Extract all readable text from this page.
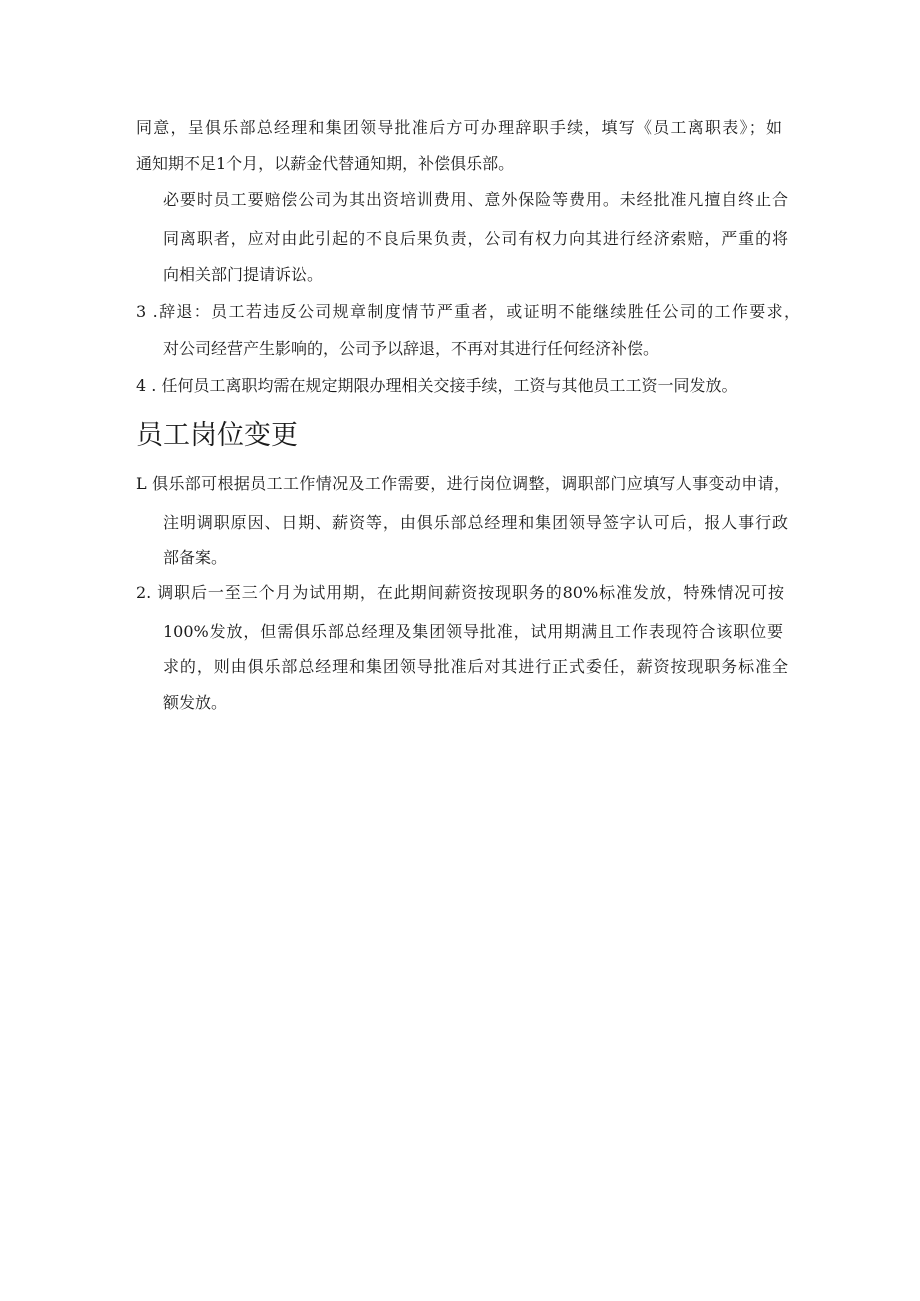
同意，呈俱乐部总经理和集团领导批准后方可办理辞职手续，填写《员工离职表》；如
通知期不足1个月，以薪金代替通知期，补偿俱乐部。
必要时员工要赔偿公司为其出资培训费用、意外保险等费用。未经批准凡擅自终止合
同离职者，应对由此引起的不良后果负责，公司有权力向其进行经济索赔，严重的将
向相关部门提请诉讼。
3 .辞退：员工若违反公司规章制度情节严重者，或证明不能继续胜任公司的工作要求，
对公司经营产生影响的，公司予以辞退，不再对其进行任何经济补偿。
4 . 任何员工离职均需在规定期限办理相关交接手续，工资与其他员工工资一同发放。
员工岗位变更
L 俱乐部可根据员工工作情况及工作需要，进行岗位调整，调职部门应填写人事变动申请，
注明调职原因、日期、薪资等，由俱乐部总经理和集团领导签字认可后，报人事行政
部备案。
2. 调职后一至三个月为试用期，在此期间薪资按现职务的80%标准发放，特殊情况可按
100%发放，但需俱乐部总经理及集团领导批准，试用期满且工作表现符合该职位要
求的，则由俱乐部总经理和集团领导批准后对其进行正式委任，薪资按现职务标准全
额发放。
